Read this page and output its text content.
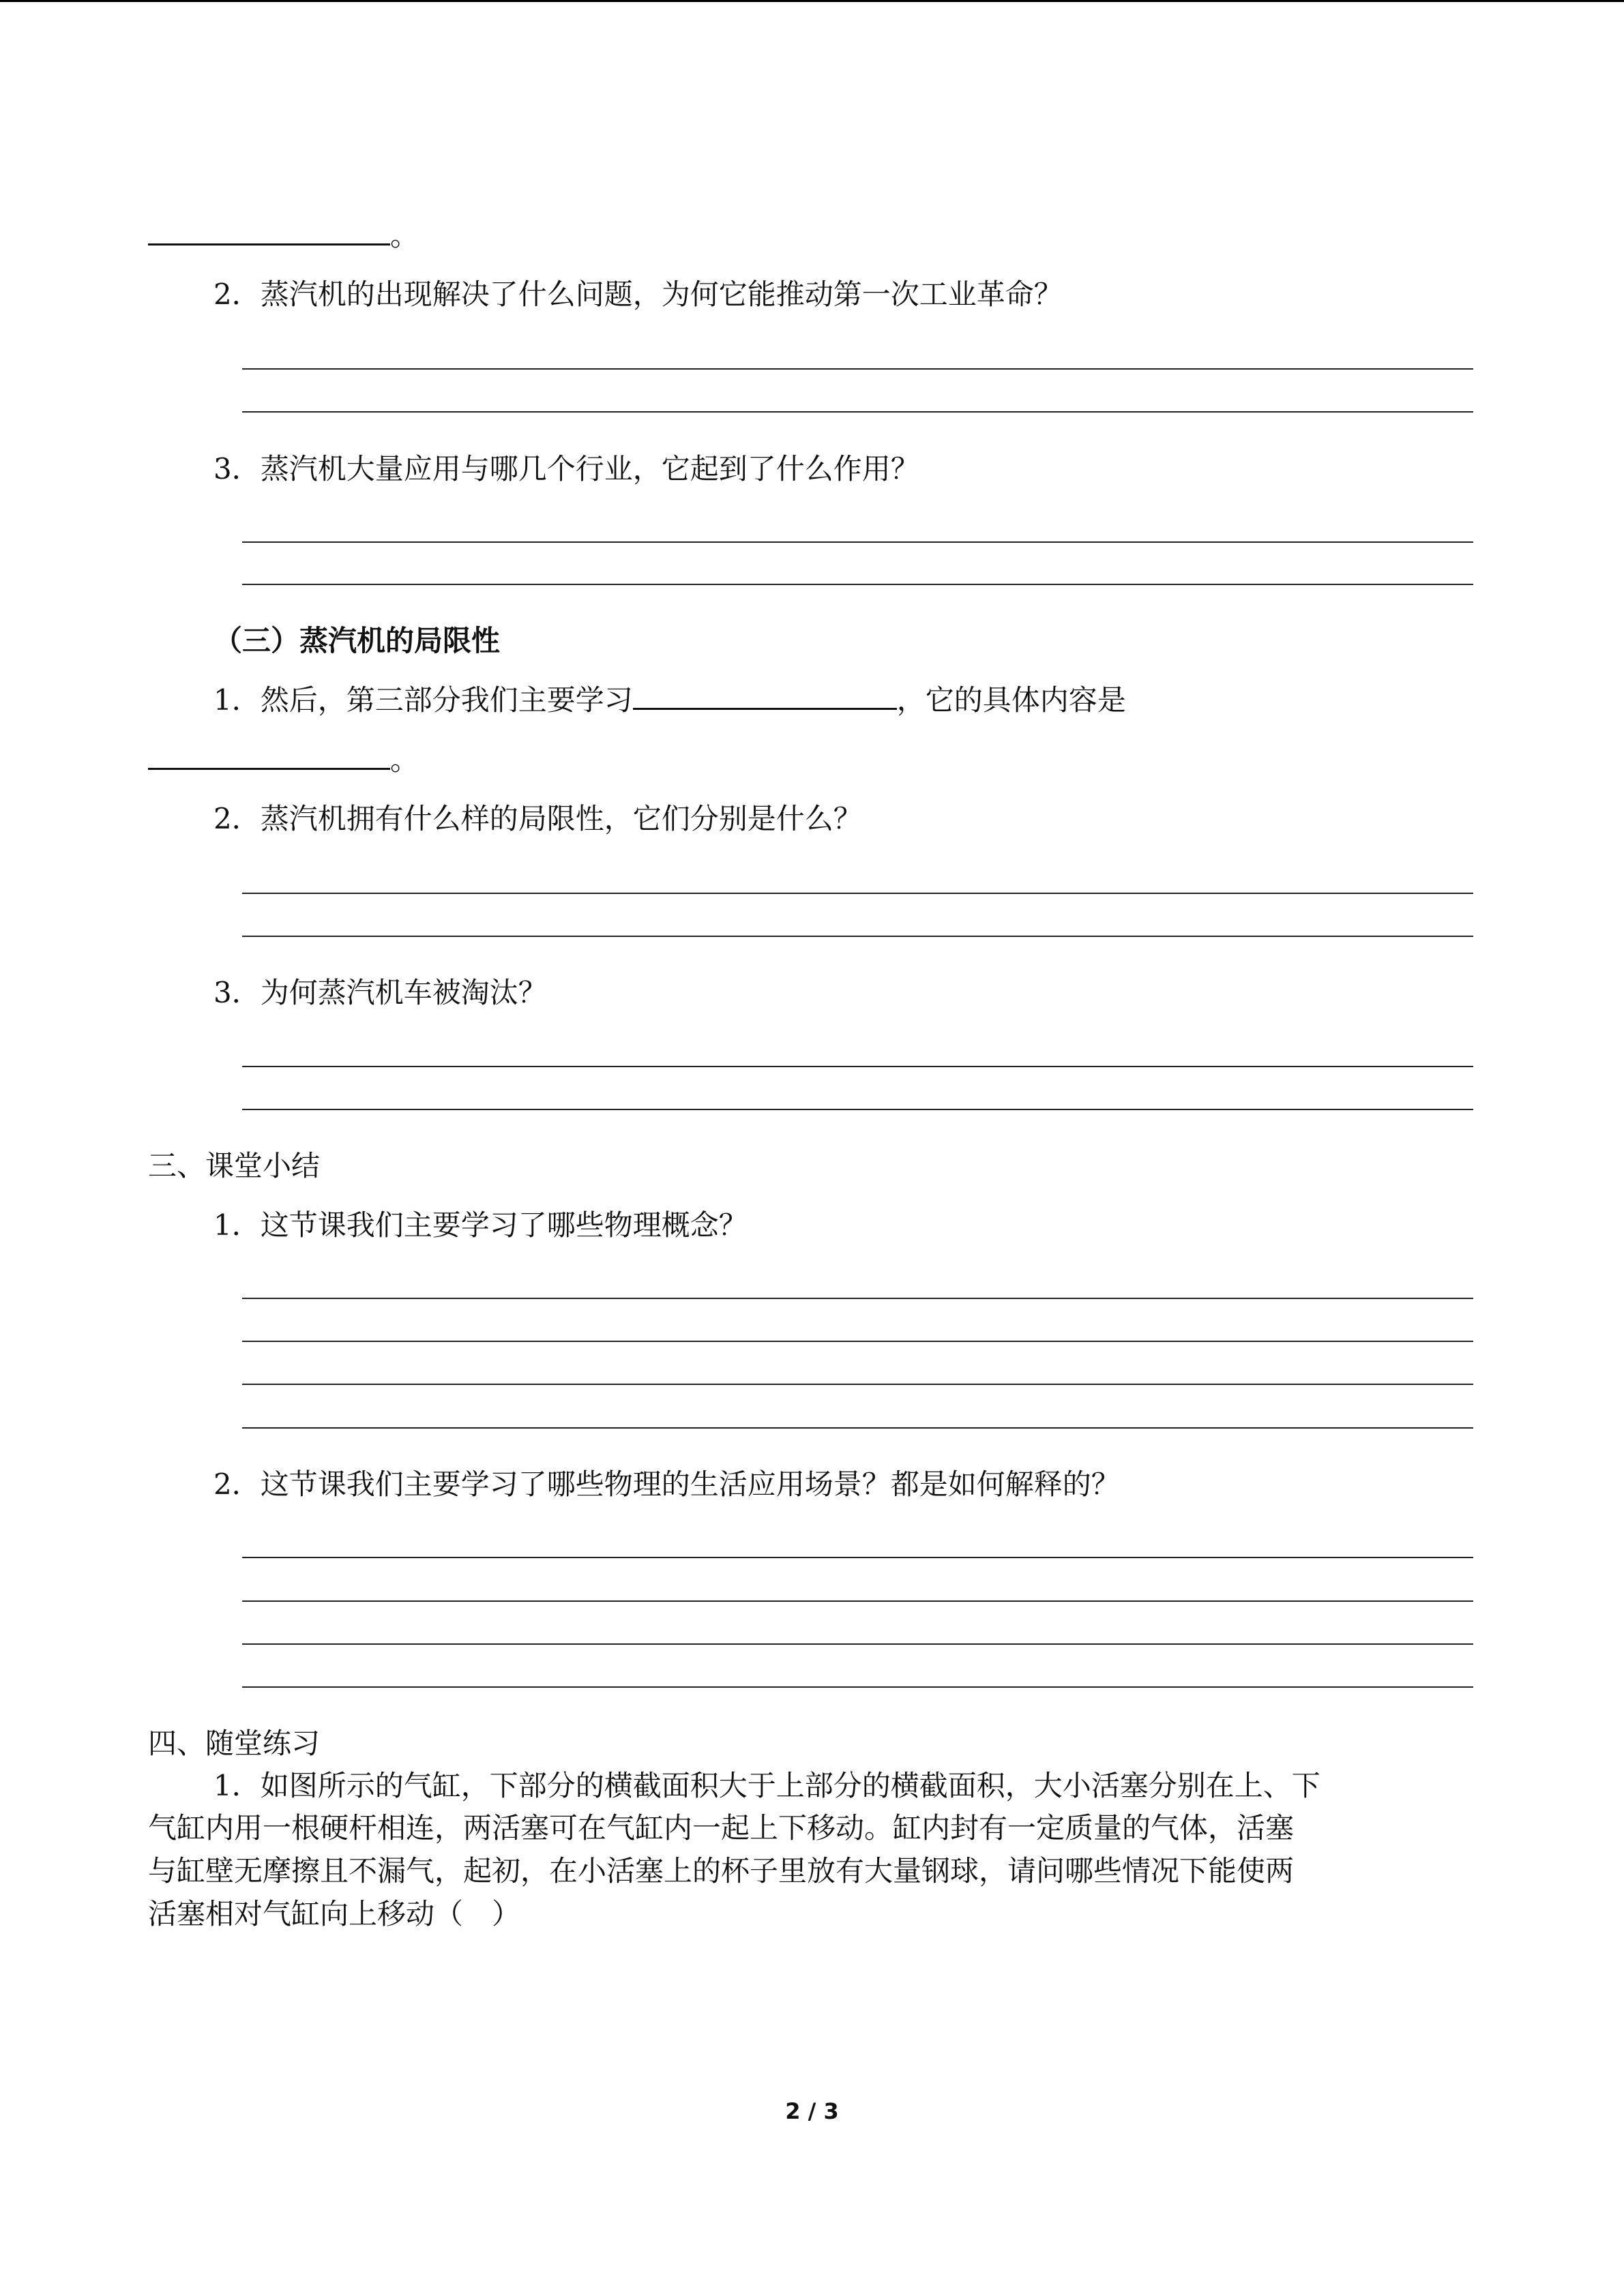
。
2．蒸汽机的出现解决了什么问题，为何它能推动第一次工业革命？
3．蒸汽机大量应用与哪几个行业，它起到了什么作用？
（三）蒸汽机的局限性
1．然后，第三部分我们主要学习	，它的具体内容是
。
2．蒸汽机拥有什么样的局限性，它们分别是什么？
3．为何蒸汽机车被淘汰？
三、课堂小结
1．这节课我们主要学习了哪些物理概念？
2．这节课我们主要学习了哪些物理的生活应用场景？都是如何解释的？
四、随堂练习
1．如图所示的气缸，下部分的横截面积大于上部分的横截面积，大小活塞分别在上、下
气缸内用一根硬杆相连，两活塞可在气缸内一起上下移动。缸内封有一定质量的气体，活塞
与缸壁无摩擦且不漏气，起初，在小活塞上的杯子里放有大量钢球，请问哪些情况下能使两
活塞相对气缸向上移动（　）
2 / 3
